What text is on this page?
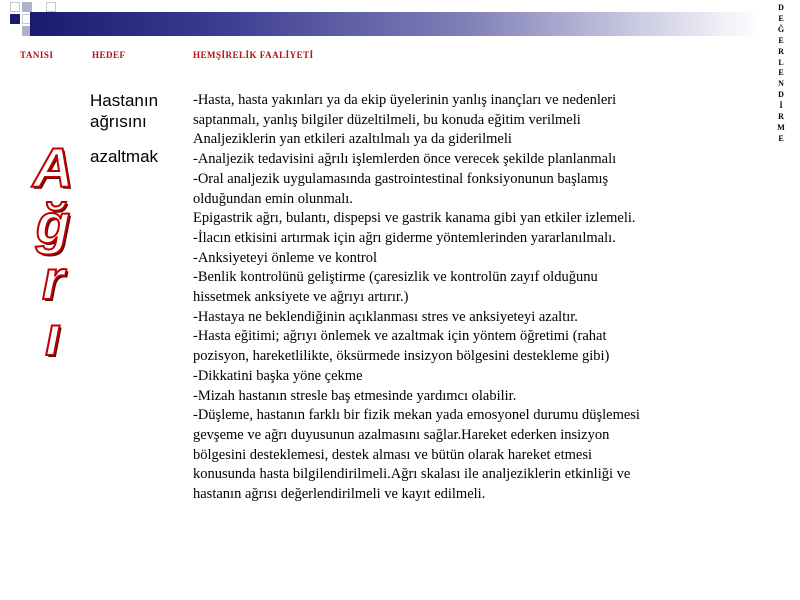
TANISI	HEDEF	HEMŞİRELİK FAALİYETİ
D
E
Ğ
E
R
L
E
N
D
İ
R
M
E
A
ğ
r
ı
Hastanın
ağrısını
azaltmak
-Hasta, hasta yakınları ya da ekip üyelerinin yanlış inançları ve nedenleri
saptanmalı, yanlış bilgiler düzeltilmeli, bu konuda eğitim verilmeli
Analjeziklerin yan etkileri azaltılmalı ya da giderilmeli
-Analjezik tedavisini ağrılı işlemlerden önce verecek şekilde planlanmalı
-Oral analjezik uygulamasında gastrointestinal fonksiyonunun başlamış
olduğundan emin olunmalı.
Epigastrik ağrı, bulantı, dispepsi ve gastrik kanama gibi yan etkiler izlemeli.
-İlacın etkisini artırmak için ağrı giderme yöntemlerinden yararlanılmalı.
-Anksiyeteyi önleme ve kontrol
-Benlik kontrolünü geliştirme (çaresizlik ve kontrolün zayıf olduğunu
hissetmek anksiyete ve ağrıyı artırır.)
-Hastaya ne beklendiğinin açıklanması stres ve anksiyeteyi azaltır.
-Hasta eğitimi; ağrıyı önlemek ve azaltmak için yöntem öğretimi (rahat
pozisyon, hareketlilikte, öksürmede insizyon bölgesini destekleme gibi)
-Dikkatini başka yöne çekme
-Mizah hastanın stresle baş etmesinde yardımcı olabilir.
-Düşleme, hastanın farklı bir fizik mekan yada emosyonel durumu düşlemesi
gevşeme ve ağrı duyusunun azalmasını sağlar.Hareket ederken insizyon
bölgesini desteklemesi, destek alması ve bütün olarak hareket etmesi
konusunda hasta bilgilendirilmeli.Ağrı skalası ile analjeziklerin etkinliği ve
hastanın ağrısı değerlendirilmeli ve kayıt edilmeli.
